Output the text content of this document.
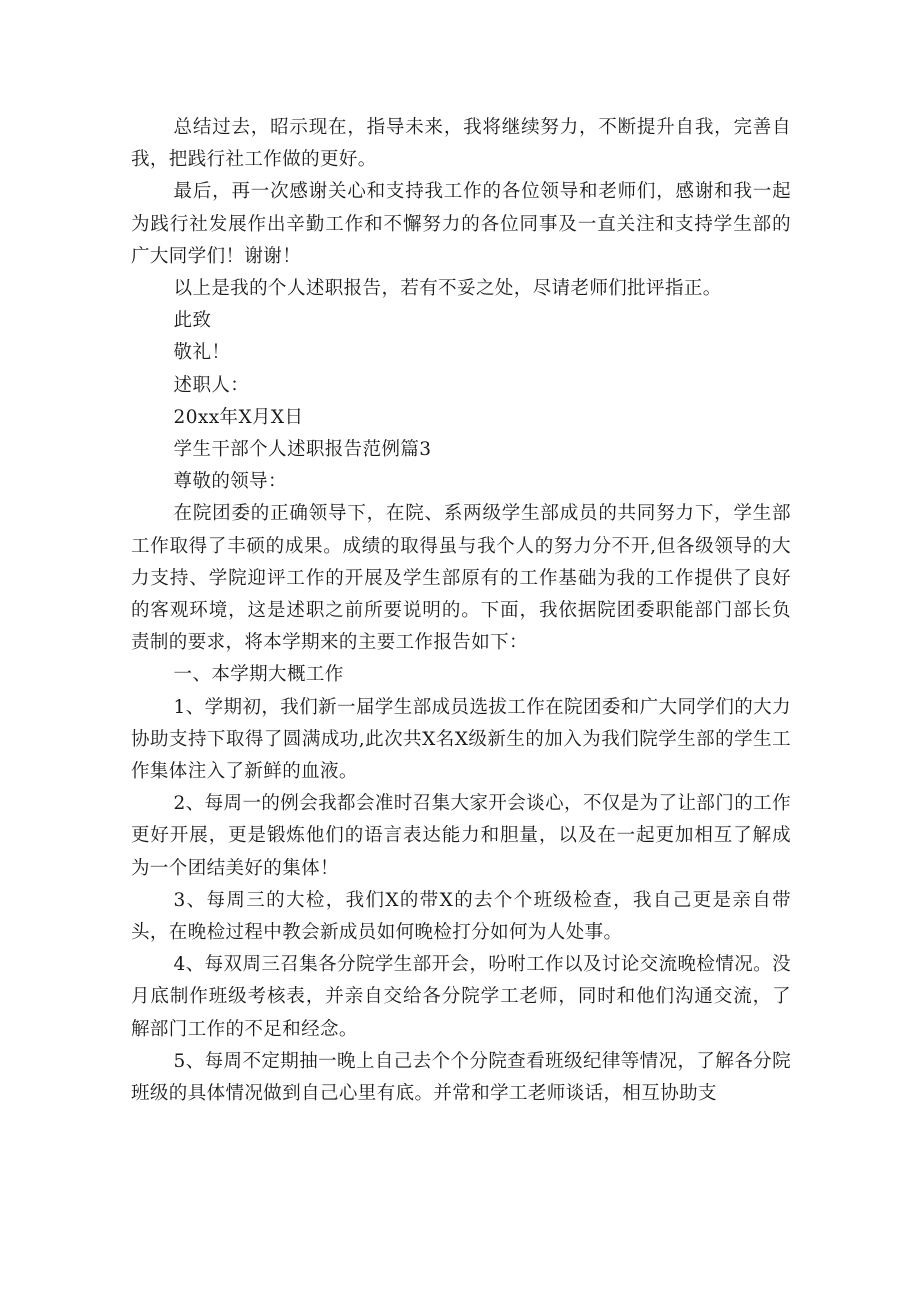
总结过去，昭示现在，指导未来，我将继续努力，不断提升自我，完善自我，把践行社工作做的更好。

最后，再一次感谢关心和支持我工作的各位领导和老师们，感谢和我一起为践行社发展作出辛勤工作和不懈努力的各位同事及一直关注和支持学生部的广大同学们！谢谢！

以上是我的个人述职报告，若有不妥之处，尽请老师们批评指正。

此致

敬礼！

述职人：

20xx年X月X日

学生干部个人述职报告范例篇3

尊敬的领导：

在院团委的正确领导下，在院、系两级学生部成员的共同努力下，学生部工作取得了丰硕的成果。成绩的取得虽与我个人的努力分不开,但各级领导的大力支持、学院迎评工作的开展及学生部原有的工作基础为我的工作提供了良好的客观环境，这是述职之前所要说明的。下面，我依据院团委职能部门部长负责制的要求，将本学期来的主要工作报告如下：

一、本学期大概工作

1、学期初，我们新一届学生部成员选拔工作在院团委和广大同学们的大力协助支持下取得了圆满成功,此次共X名X级新生的加入为我们院学生部的学生工作集体注入了新鲜的血液。

2、每周一的例会我都会准时召集大家开会谈心，不仅是为了让部门的工作更好开展，更是锻炼他们的语言表达能力和胆量，以及在一起更加相互了解成为一个团结美好的集体！

3、每周三的大检，我们X的带X的去个个班级检查，我自己更是亲自带头，在晚检过程中教会新成员如何晚检打分如何为人处事。

4、每双周三召集各分院学生部开会，吩咐工作以及讨论交流晚检情况。没月底制作班级考核表，并亲自交给各分院学工老师，同时和他们沟通交流，了解部门工作的不足和经念。

5、每周不定期抽一晚上自己去个个分院查看班级纪律等情况，了解各分院班级的具体情况做到自己心里有底。并常和学工老师谈话，相互协助支
